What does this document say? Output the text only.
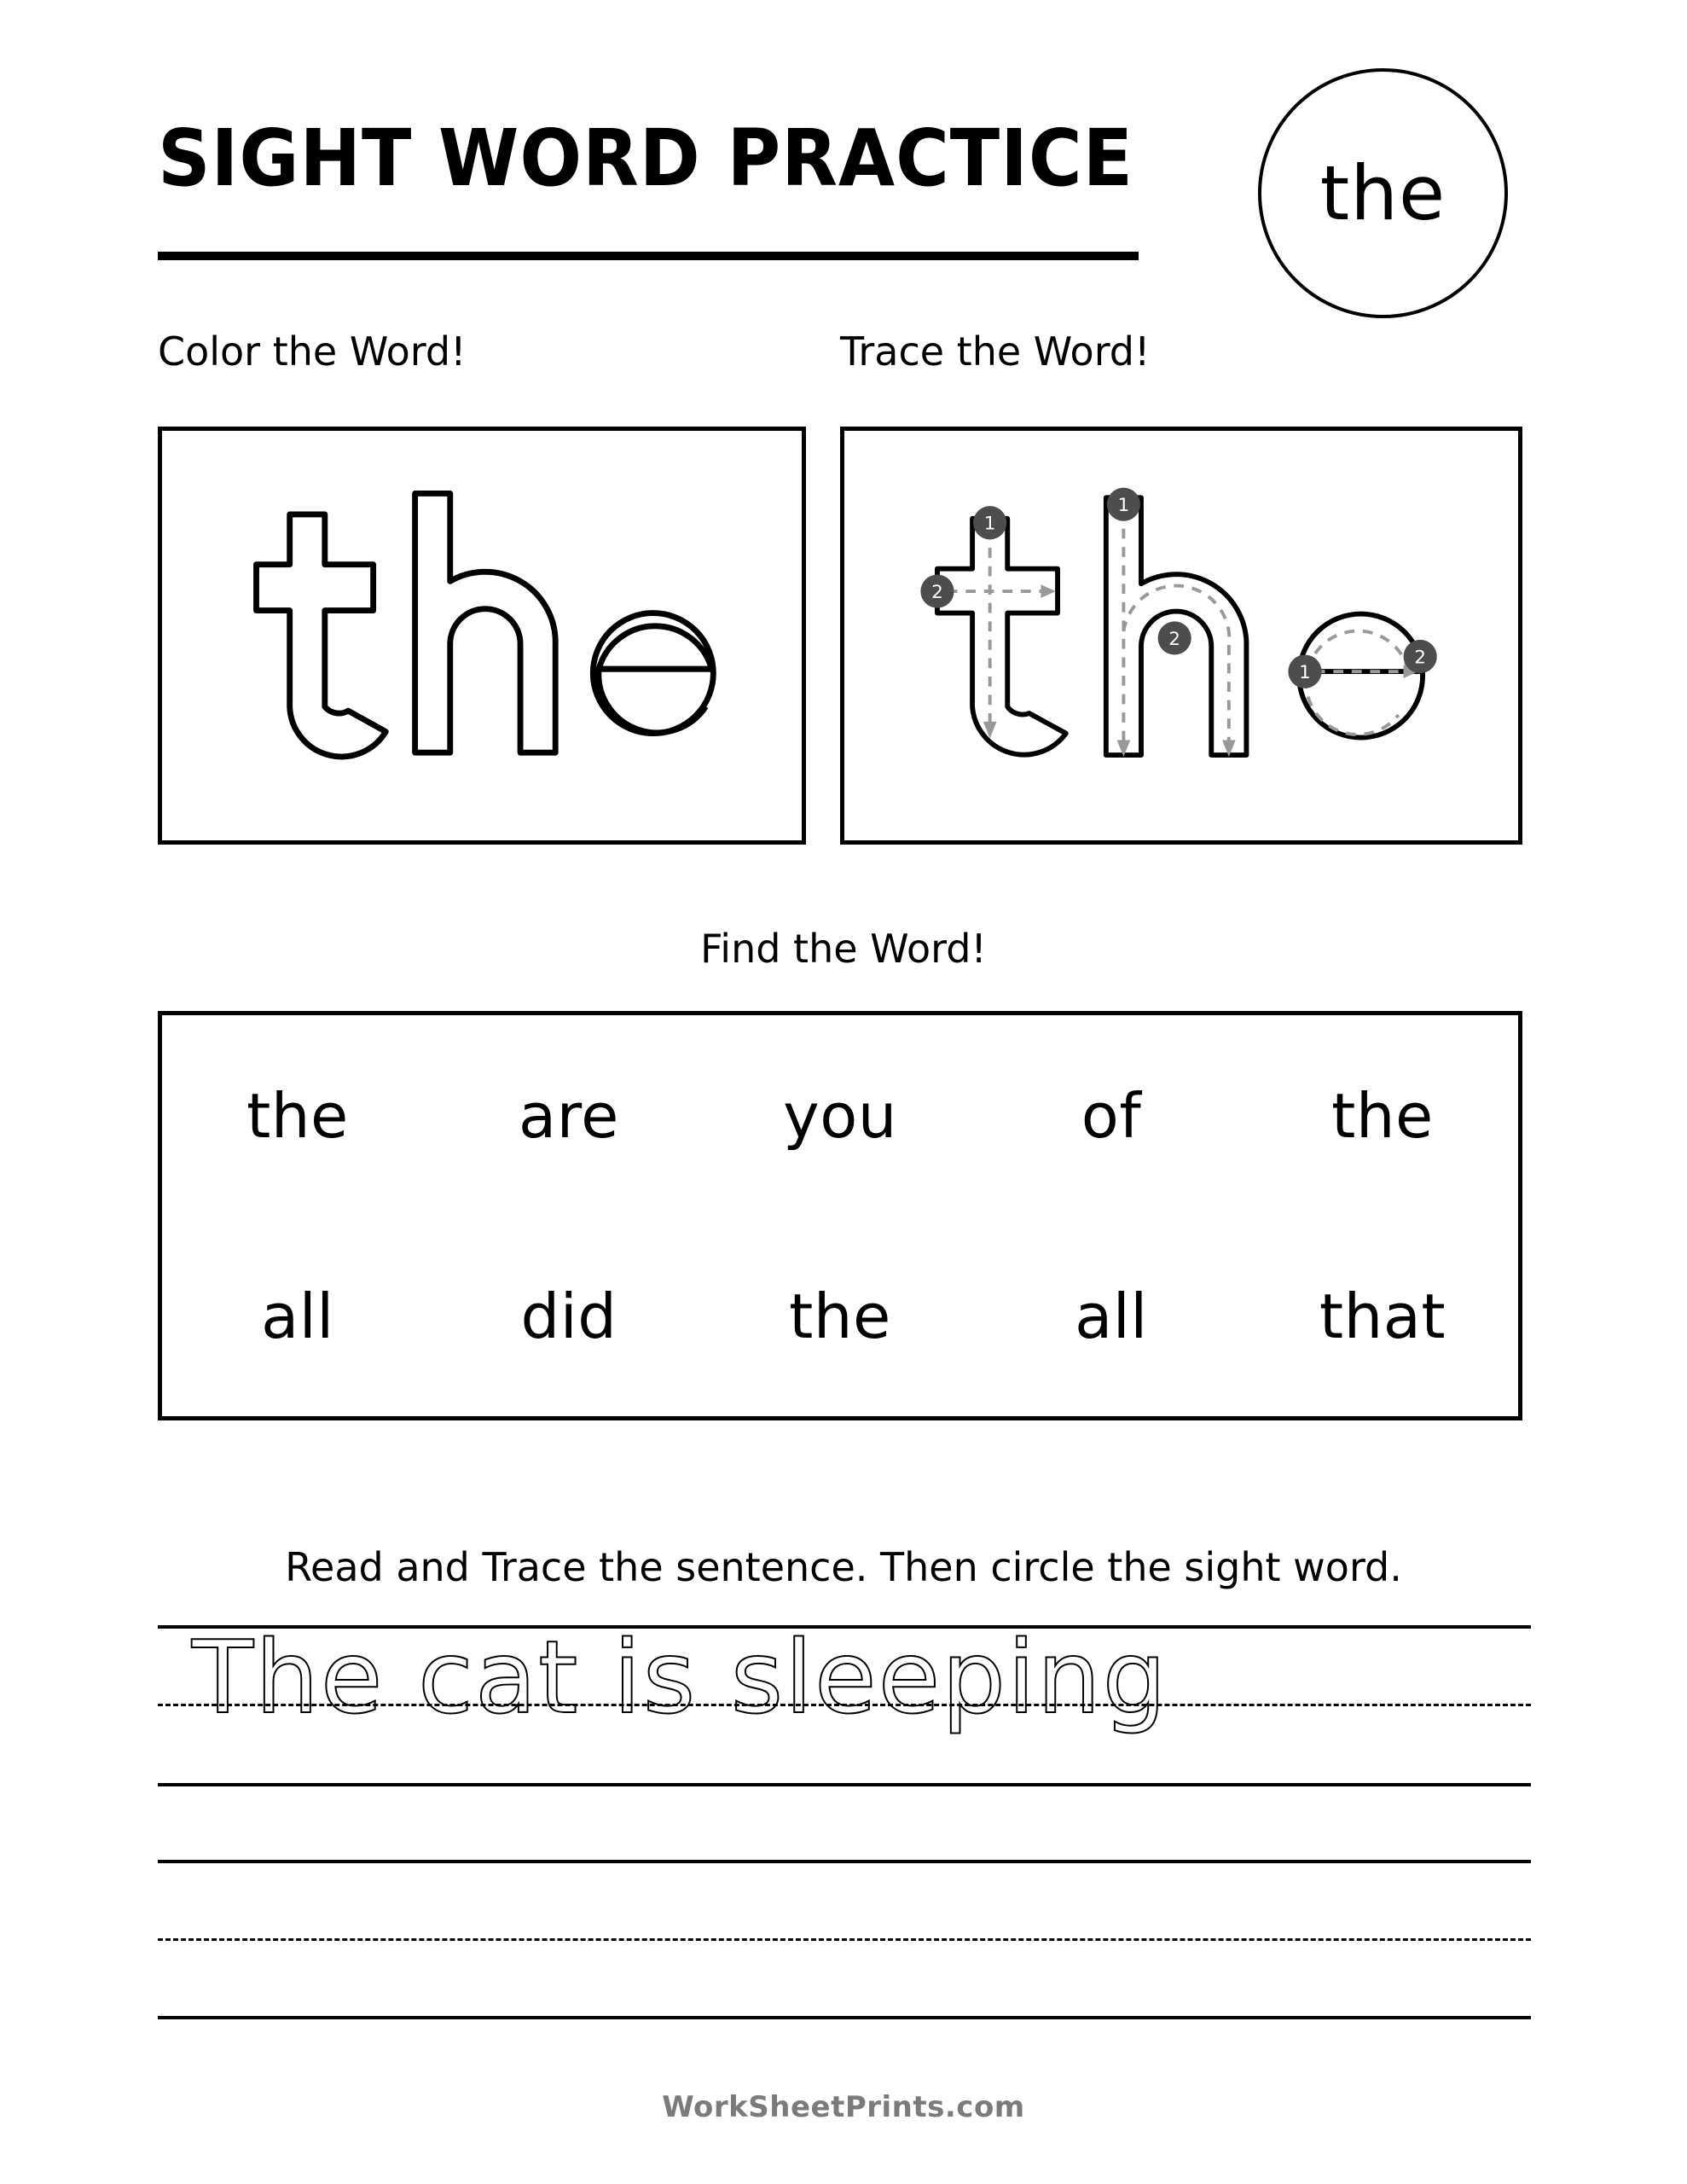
SIGHT WORD PRACTICE the
Color the Word!	Trace the Word!
1
2
1
2
1
2
Find the Word!
the	are	you	of	the
all	did	the	all	that
Read and Trace the sentence. Then circle the sight word.
The cat is sleeping
WorkSheetPrints.com
